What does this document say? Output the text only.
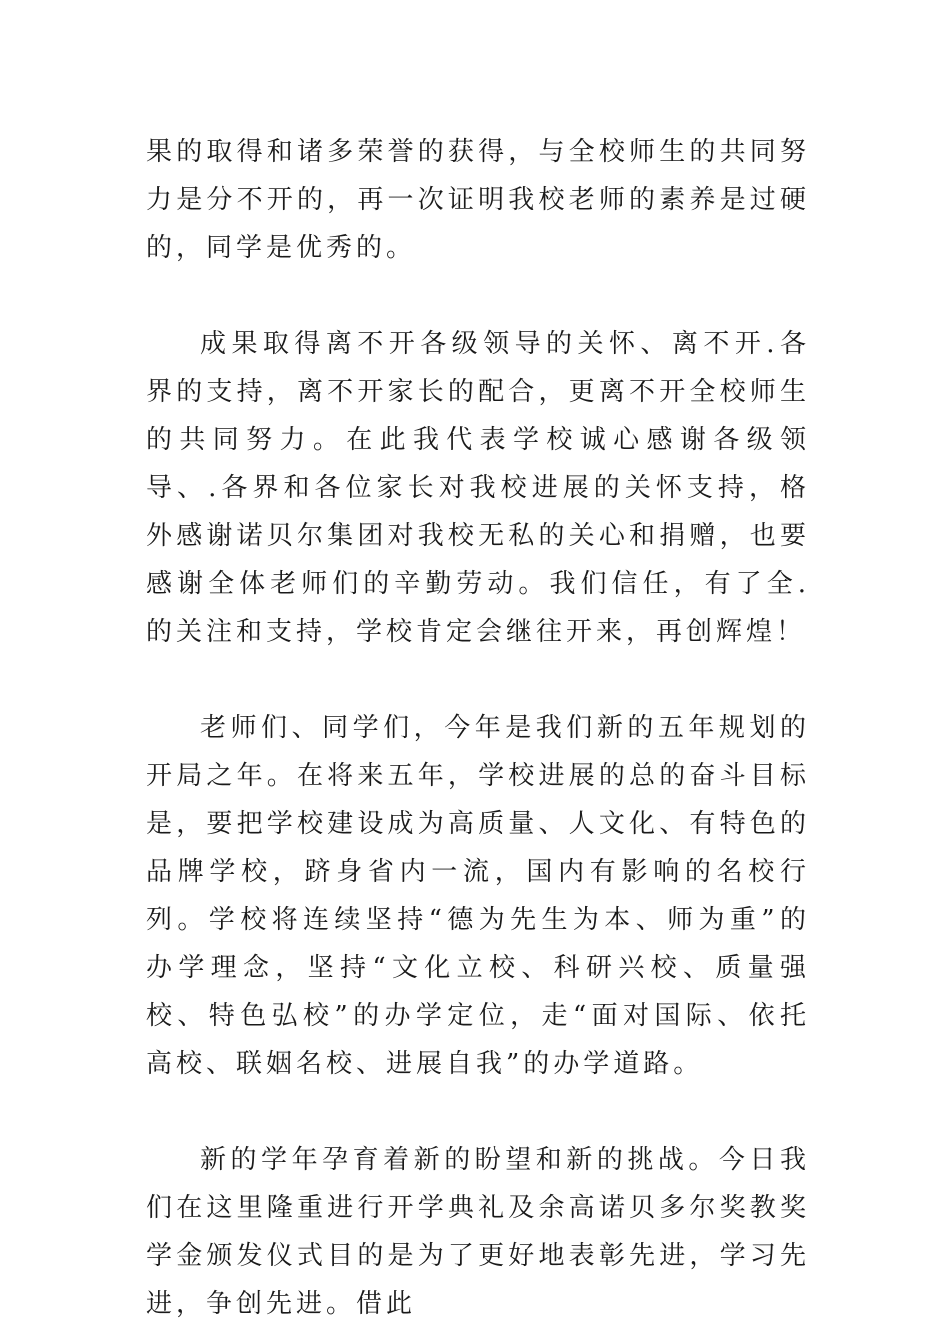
果的取得和诸多荣誉的获得，与全校师生的共同努力是分不开的，再一次证明我校老师的素养是过硬的，同学是优秀的。

成果取得离不开各级领导的关怀、离不开.各界的支持，离不开家长的配合，更离不开全校师生的共同努力。在此我代表学校诚心感谢各级领导、.各界和各位家长对我校进展的关怀支持，格外感谢诺贝尔集团对我校无私的关心和捐赠，也要感谢全体老师们的辛勤劳动。我们信任，有了全.的关注和支持，学校肯定会继往开来，再创辉煌！

老师们、同学们，今年是我们新的五年规划的开局之年。在将来五年，学校进展的总的奋斗目标是，要把学校建设成为高质量、人文化、有特色的品牌学校，跻身省内一流，国内有影响的名校行列。学校将连续坚持“德为先生为本、师为重”的办学理念，坚持“文化立校、科研兴校、质量强校、特色弘校”的办学定位，走“面对国际、依托高校、联姻名校、进展自我”的办学道路。

新的学年孕育着新的盼望和新的挑战。今日我们在这里隆重进行开学典礼及余高诺贝多尔奖教奖学金颁发仪式目的是为了更好地表彰先进，学习先进，争创先进。借此
